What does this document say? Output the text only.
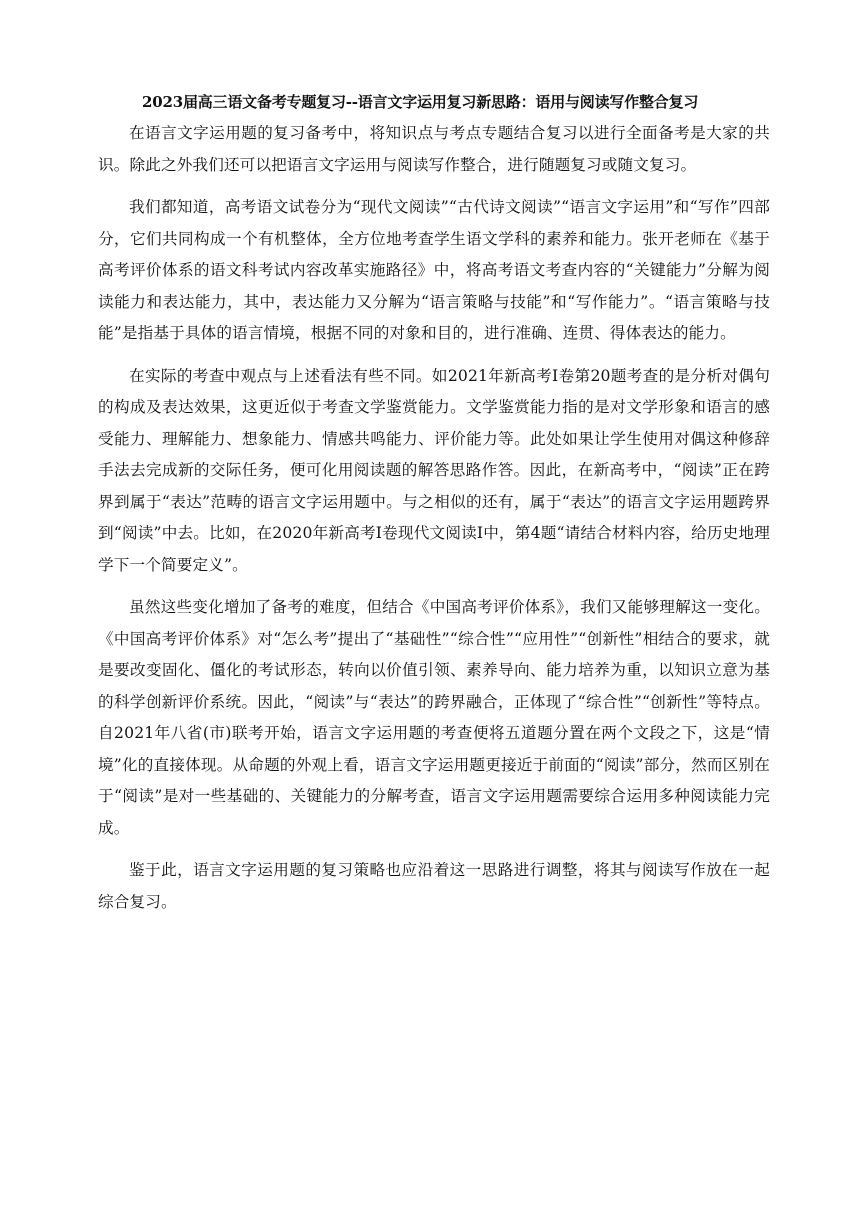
2023届高三语文备考专题复习--语言文字运用复习新思路：语用与阅读写作整合复习

在语言文字运用题的复习备考中，将知识点与考点专题结合复习以进行全面备考是大家的共识。除此之外我们还可以把语言文字运用与阅读写作整合，进行随题复习或随文复习。

我们都知道，高考语文试卷分为“现代文阅读”“古代诗文阅读”“语言文字运用”和“写作”四部分，它们共同构成一个有机整体，全方位地考查学生语文学科的素养和能力。张开老师在《基于高考评价体系的语文科考试内容改革实施路径》中，将高考语文考查内容的“关键能力”分解为阅读能力和表达能力，其中，表达能力又分解为“语言策略与技能”和“写作能力”。“语言策略与技能”是指基于具体的语言情境，根据不同的对象和目的，进行准确、连贯、得体表达的能力。

在实际的考查中观点与上述看法有些不同。如2021年新高考Ⅰ卷第20题考查的是分析对偶句的构成及表达效果，这更近似于考查文学鉴赏能力。文学鉴赏能力指的是对文学形象和语言的感受能力、理解能力、想象能力、情感共鸣能力、评价能力等。此处如果让学生使用对偶这种修辞手法去完成新的交际任务，便可化用阅读题的解答思路作答。因此，在新高考中，“阅读”正在跨界到属于“表达”范畴的语言文字运用题中。与之相似的还有，属于“表达”的语言文字运用题跨界到“阅读”中去。比如，在2020年新高考Ⅰ卷现代文阅读Ⅰ中，第4题“请结合材料内容，给历史地理学下一个简要定义”。

虽然这些变化增加了备考的难度，但结合《中国高考评价体系》，我们又能够理解这一变化。《中国高考评价体系》对“怎么考”提出了“基础性”“综合性”“应用性”“创新性”相结合的要求，就是要改变固化、僵化的考试形态，转向以价值引领、素养导向、能力培养为重，以知识立意为基的科学创新评价系统。因此，“阅读”与“表达”的跨界融合，正体现了“综合性”“创新性”等特点。自2021年八省(市)联考开始，语言文字运用题的考查便将五道题分置在两个文段之下，这是“情境”化的直接体现。从命题的外观上看，语言文字运用题更接近于前面的“阅读”部分，然而区别在于“阅读”是对一些基础的、关键能力的分解考查，语言文字运用题需要综合运用多种阅读能力完成。

鉴于此，语言文字运用题的复习策略也应沿着这一思路进行调整，将其与阅读写作放在一起综合复习。
